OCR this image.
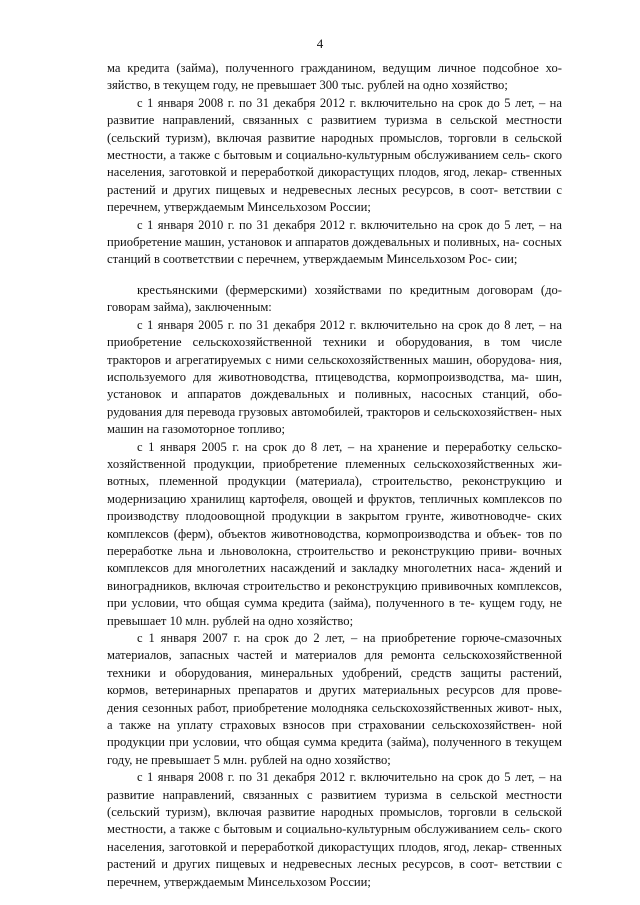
4

ма кредита (займа), полученного гражданином, ведущим личное подсобное хо- зяйство, в текущем году, не превышает 300 тыс. рублей на одно хозяйство;

с 1 января 2008 г. по 31 декабря 2012 г. включительно на срок до 5 лет, – на развитие направлений, связанных с развитием туризма в сельской местности (сельский туризм), включая развитие народных промыслов, торговли в сельской местности, а также с бытовым и социально-культурным обслуживанием сель- ского населения, заготовкой и переработкой дикорастущих плодов, ягод, лекар- ственных растений и других пищевых и недревесных лесных ресурсов, в соот- ветствии с перечнем, утверждаемым Минсельхозом России;

с 1 января 2010 г. по 31 декабря 2012 г. включительно на срок до 5 лет, – на приобретение машин, установок и аппаратов дождевальных и поливных, на- сосных станций в соответствии с перечнем, утверждаемым Минсельхозом Рос- сии;

крестьянскими (фермерскими) хозяйствами по кредитным договорам (до- говорам займа), заключенным:

с 1 января 2005 г. по 31 декабря 2012 г. включительно на срок до 8 лет, – на приобретение сельскохозяйственной техники и оборудования, в том числе тракторов и агрегатируемых с ними сельскохозяйственных машин, оборудова- ния, используемого для животноводства, птицеводства, кормопроизводства, ма- шин, установок и аппаратов дождевальных и поливных, насосных станций, обо- рудования для перевода грузовых автомобилей, тракторов и сельскохозяйствен- ных машин на газомоторное топливо;

с 1 января 2005 г. на срок до 8 лет, – на хранение и переработку сельско- хозяйственной продукции, приобретение племенных сельскохозяйственных жи- вотных, племенной продукции (материала), строительство, реконструкцию и модернизацию хранилищ картофеля, овощей и фруктов, тепличных комплексов по производству плодоовощной продукции в закрытом грунте, животноводче- ских комплексов (ферм), объектов животноводства, кормопроизводства и объек- тов по переработке льна и льноволокна, строительство и реконструкцию приви- вочных комплексов для многолетних насаждений и закладку многолетних наса- ждений и виноградников, включая строительство и реконструкцию прививочных комплексов, при условии, что общая сумма кредита (займа), полученного в те- кущем году, не превышает 10 млн. рублей на одно хозяйство;

с 1 января 2007 г. на срок до 2 лет, – на приобретение горюче-смазочных материалов, запасных частей и материалов для ремонта сельскохозяйственной техники и оборудования, минеральных удобрений, средств защиты растений, кормов, ветеринарных препаратов и других материальных ресурсов для прове- дения сезонных работ, приобретение молодняка сельскохозяйственных живот- ных, а также на уплату страховых взносов при страховании сельскохозяйствен- ной продукции при условии, что общая сумма кредита (займа), полученного в текущем году, не превышает 5 млн. рублей на одно хозяйство;

с 1 января 2008 г. по 31 декабря 2012 г. включительно на срок до 5 лет, – на развитие направлений, связанных с развитием туризма в сельской местности (сельский туризм), включая развитие народных промыслов, торговли в сельской местности, а также с бытовым и социально-культурным обслуживанием сель- ского населения, заготовкой и переработкой дикорастущих плодов, ягод, лекар- ственных растений и других пищевых и недревесных лесных ресурсов, в соот- ветствии с перечнем, утверждаемым Минсельхозом России;
